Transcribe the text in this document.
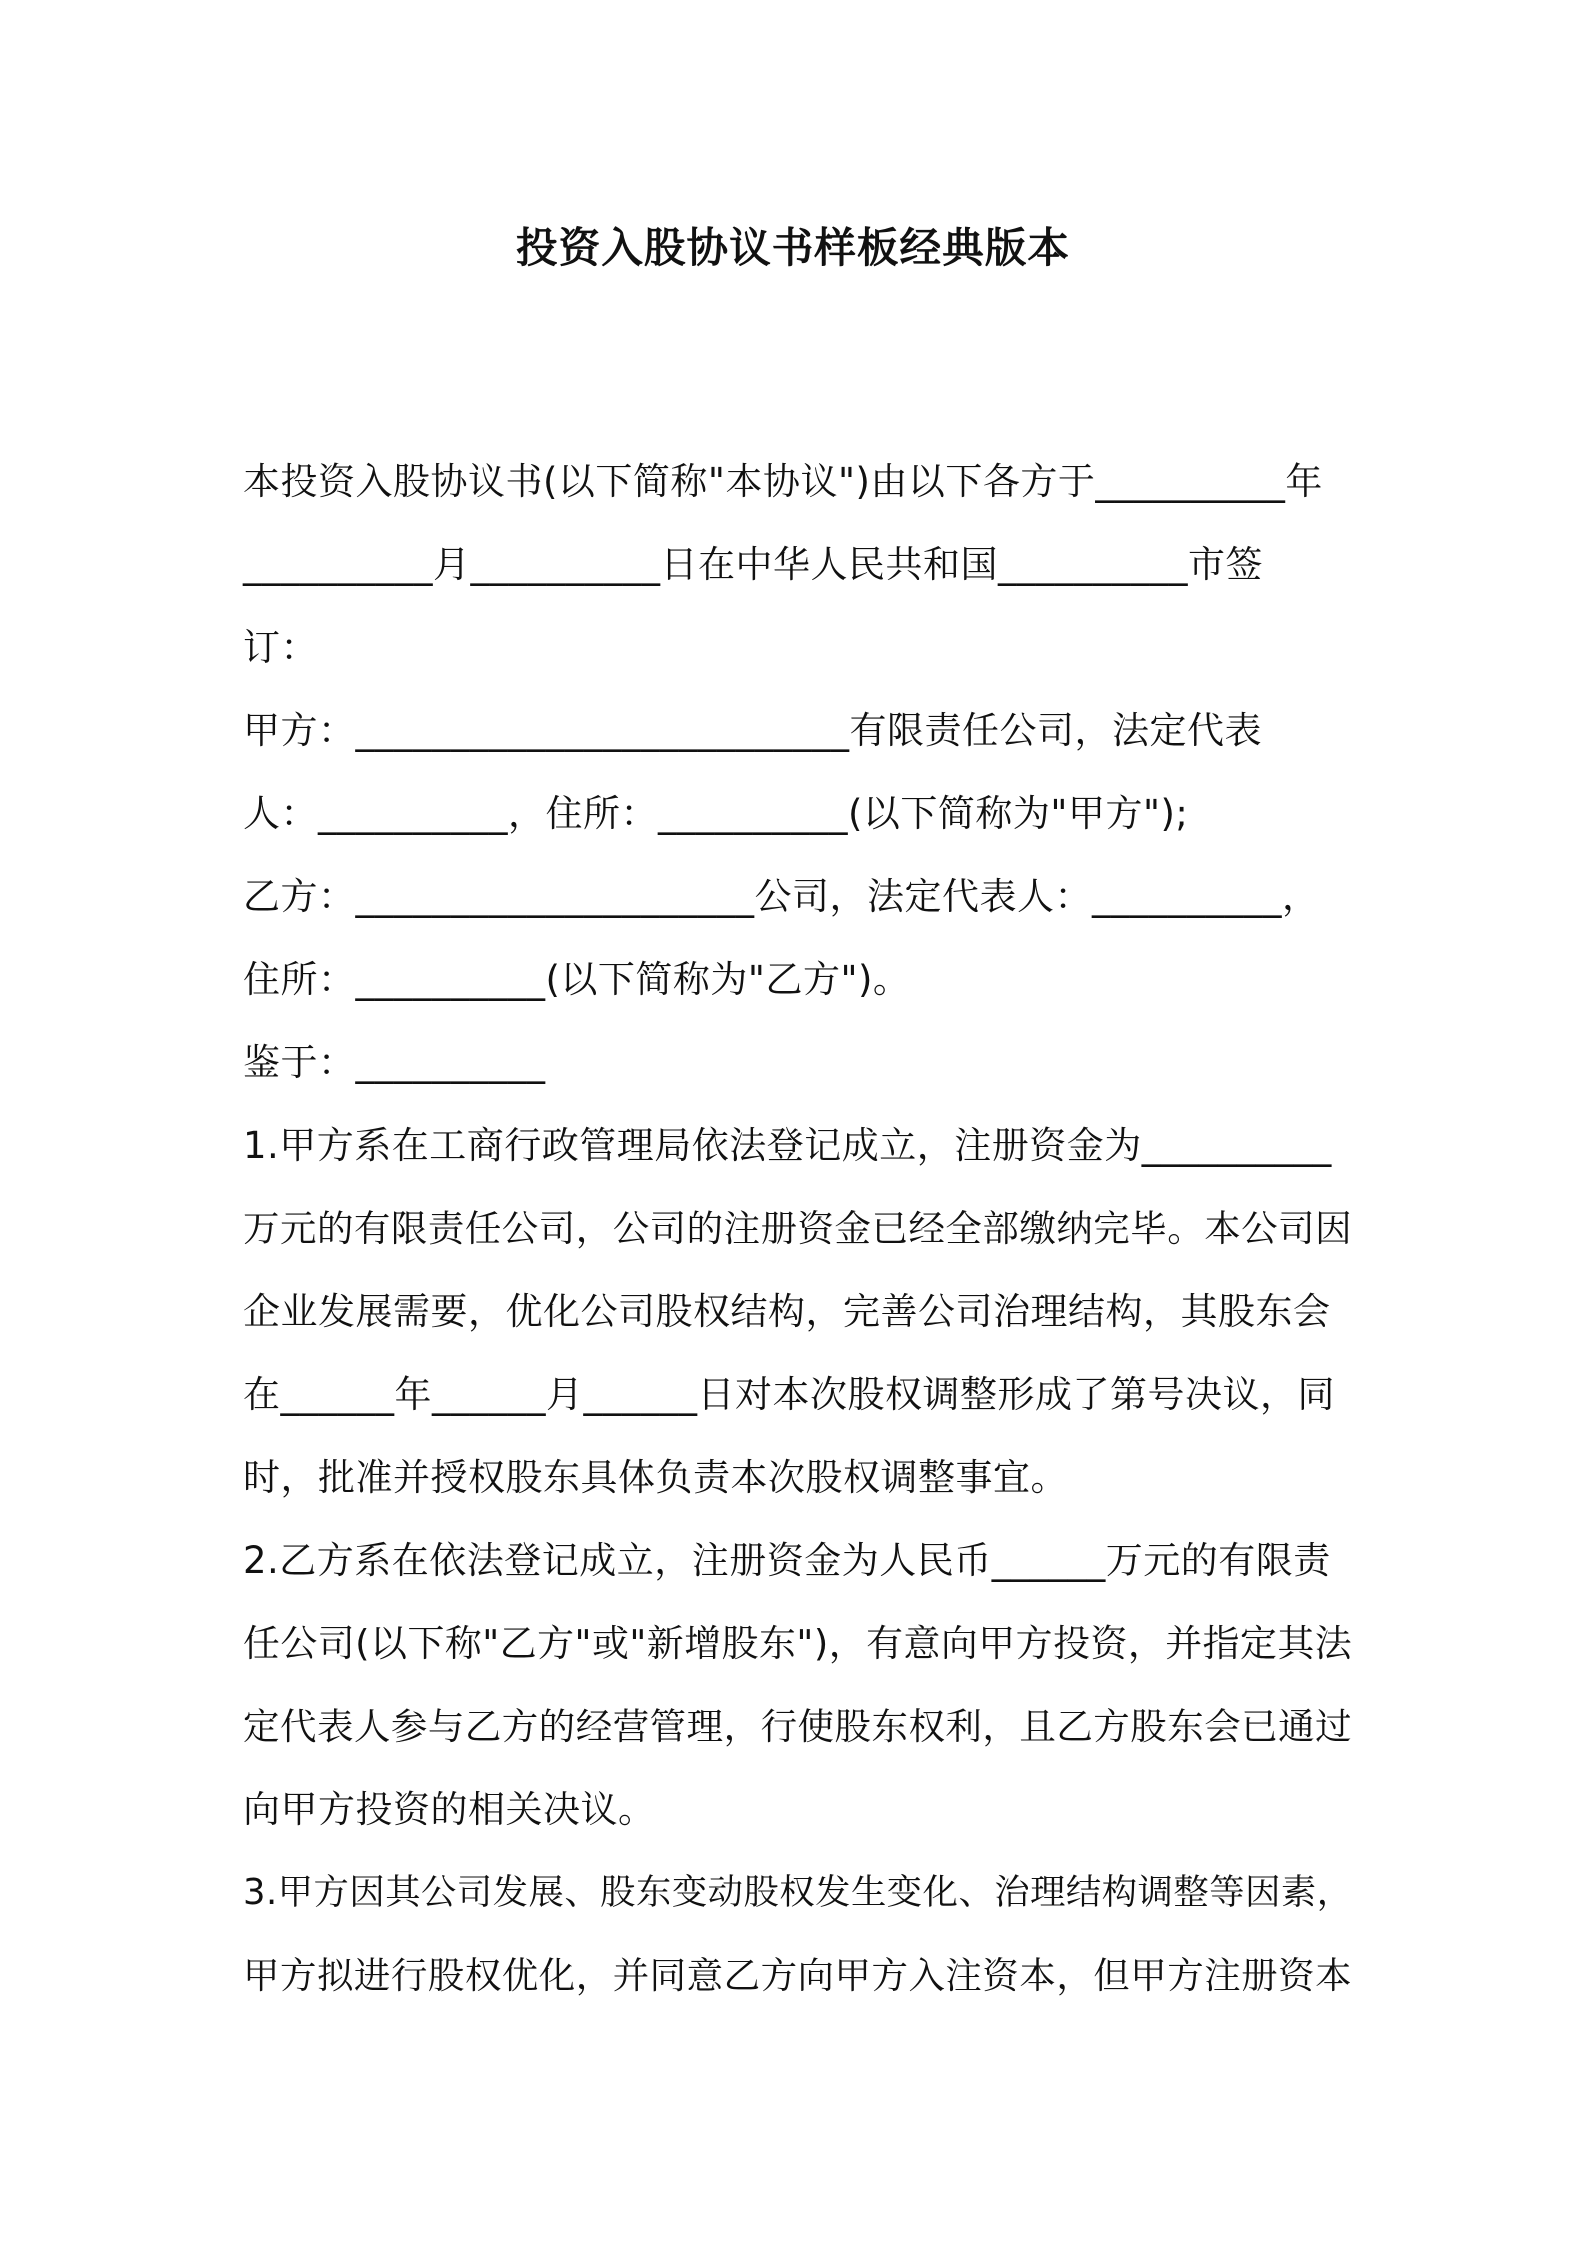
投资入股协议书样板经典版本
本投资入股协议书(以下简称"本协议")由以下各方于__________年
__________月__________日在中华人民共和国__________市签
订：
甲方：__________________________有限责任公司，法定代表
人：__________，住所：__________(以下简称为"甲方");
乙方：_____________________公司，法定代表人：__________，
住所：__________(以下简称为"乙方")。
鉴于：__________
1.甲方系在工商行政管理局依法登记成立，注册资金为__________
万元的有限责任公司，公司的注册资金已经全部缴纳完毕。本公司因
企业发展需要，优化公司股权结构，完善公司治理结构，其股东会
在______年______月______日对本次股权调整形成了第号决议，同
时，批准并授权股东具体负责本次股权调整事宜。
2.乙方系在依法登记成立，注册资金为人民币______万元的有限责
任公司(以下称"乙方"或"新增股东")，有意向甲方投资，并指定其法
定代表人参与乙方的经营管理，行使股东权利，且乙方股东会已通过
向甲方投资的相关决议。
3.甲方因其公司发展、股东变动股权发生变化、治理结构调整等因素，
甲方拟进行股权优化，并同意乙方向甲方入注资本，但甲方注册资本
